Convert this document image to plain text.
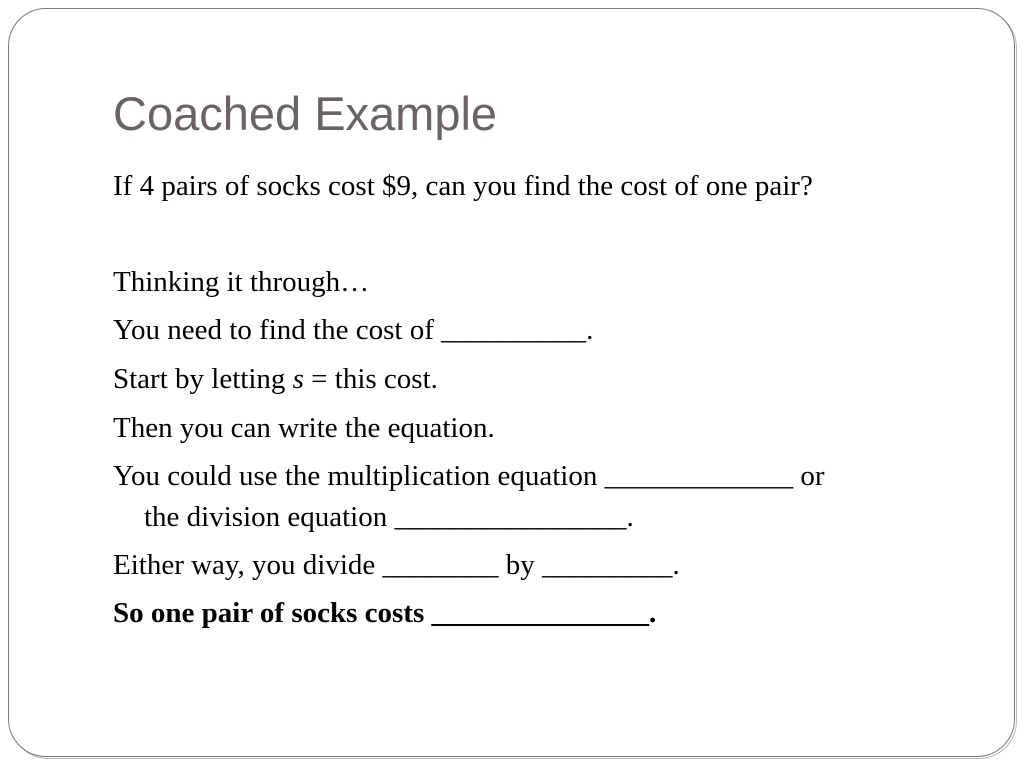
Coached Example
If 4 pairs of socks cost $9, can you find the cost of one pair?
Thinking it through…
You need to find the cost of __________.
Start by letting s = this cost.
Then you can write the equation.
You could use the multiplication equation _____________ or
the division equation ________________.
Either way, you divide ________ by _________.
So one pair of socks costs _______________.
